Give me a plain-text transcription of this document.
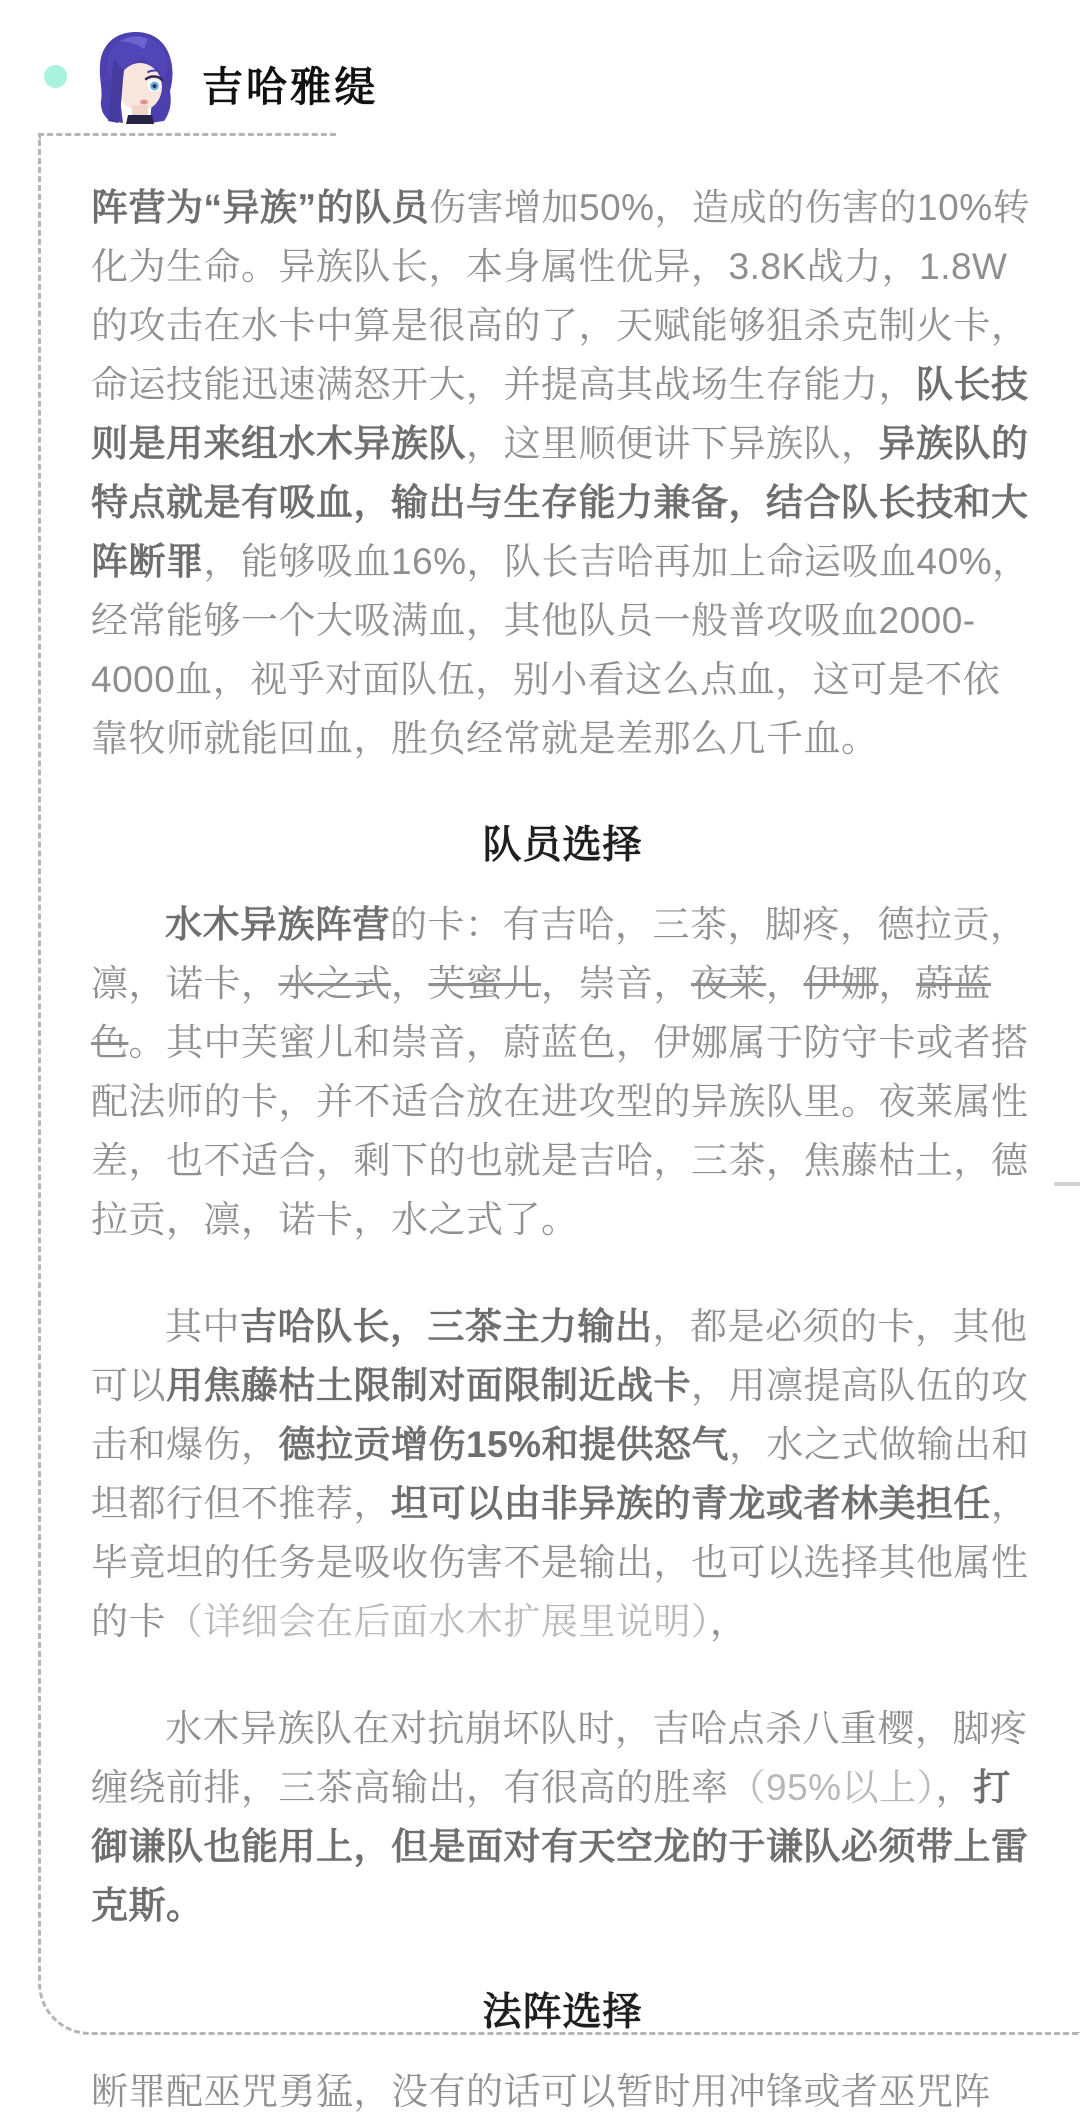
吉哈雅缇

阵营为“异族”的队员伤害增加50%，造成的伤害的10%转化为生命。异族队长，本身属性优异，3.8K战力，1.8W的攻击在水卡中算是很高的了，天赋能够狙杀克制火卡，命运技能迅速满怒开大，并提高其战场生存能力，队长技则是用来组水木异族队，这里顺便讲下异族队，异族队的特点就是有吸血，输出与生存能力兼备，结合队长技和大阵断罪，能够吸血16%，队长吉哈再加上命运吸血40%，经常能够一个大吸满血，其他队员一般普攻吸血2000-4000血，视乎对面队伍，别小看这么点血，这可是不依靠牧师就能回血，胜负经常就是差那么几千血。

队员选择

水木异族阵营的卡：有吉哈，三茶，脚疼，德拉贡，凛，诺卡，水之式，芙蜜儿，崇音，夜莱，伊娜，蔚蓝色。其中芙蜜儿和崇音，蔚蓝色，伊娜属于防守卡或者搭配法师的卡，并不适合放在进攻型的异族队里。夜莱属性差，也不适合，剩下的也就是吉哈，三茶，焦藤枯土，德拉贡，凛，诺卡，水之式了。

其中吉哈队长，三茶主力输出，都是必须的卡，其他可以用焦藤枯土限制对面限制近战卡，用凛提高队伍的攻击和爆伤，德拉贡增伤15%和提供怒气，水之式做输出和坦都行但不推荐，坦可以由非异族的青龙或者林美担任，毕竟坦的任务是吸收伤害不是输出，也可以选择其他属性的卡（详细会在后面水木扩展里说明），

水木异族队在对抗崩坏队时，吉哈点杀八重樱，脚疼缠绕前排，三茶高输出，有很高的胜率（95%以上），打御谦队也能用上，但是面对有天空龙的于谦队必须带上雷克斯。

法阵选择

断罪配巫咒勇猛，没有的话可以暂时用冲锋或者巫咒阵
